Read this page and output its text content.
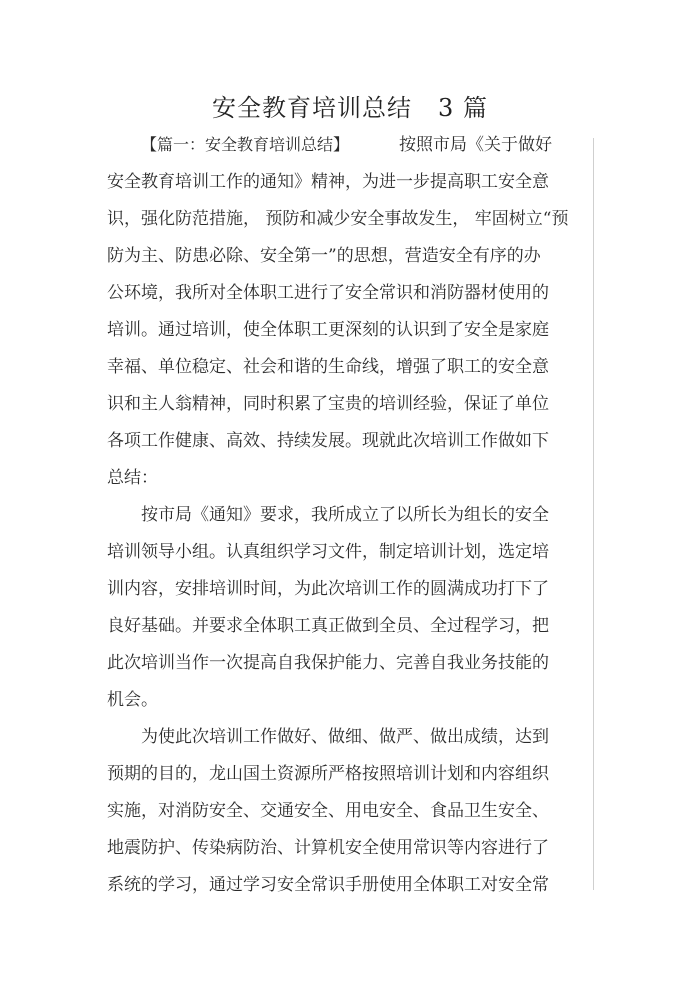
安全教育培训总结 3 篇
【篇一：安全教育培训总结】	按照市局《关于做好
安全教育培训工作的通知》精神，为进一步提高职工安全意
识，强化防范措施， 预防和减少安全事故发生， 牢固树立“预
防为主、防患必除、安全第一”的思想，营造安全有序的办
公环境，我所对全体职工进行了安全常识和消防器材使用的
培训。通过培训，使全体职工更深刻的认识到了安全是家庭
幸福、单位稳定、社会和谐的生命线，增强了职工的安全意
识和主人翁精神，同时积累了宝贵的培训经验，保证了单位
各项工作健康、高效、持续发展。现就此次培训工作做如下
总结：
按市局《通知》要求，我所成立了以所长为组长的安全
培训领导小组。认真组织学习文件，制定培训计划，选定培
训内容，安排培训时间，为此次培训工作的圆满成功打下了
良好基础。并要求全体职工真正做到全员、全过程学习，把
此次培训当作一次提高自我保护能力、完善自我业务技能的
机会。
为使此次培训工作做好、做细、做严、做出成绩，达到
预期的目的，龙山国土资源所严格按照培训计划和内容组织
实施，对消防安全、交通安全、用电安全、食品卫生安全、
地震防护、传染病防治、计算机安全使用常识等内容进行了
系统的学习，通过学习安全常识手册使用全体职工对安全常
